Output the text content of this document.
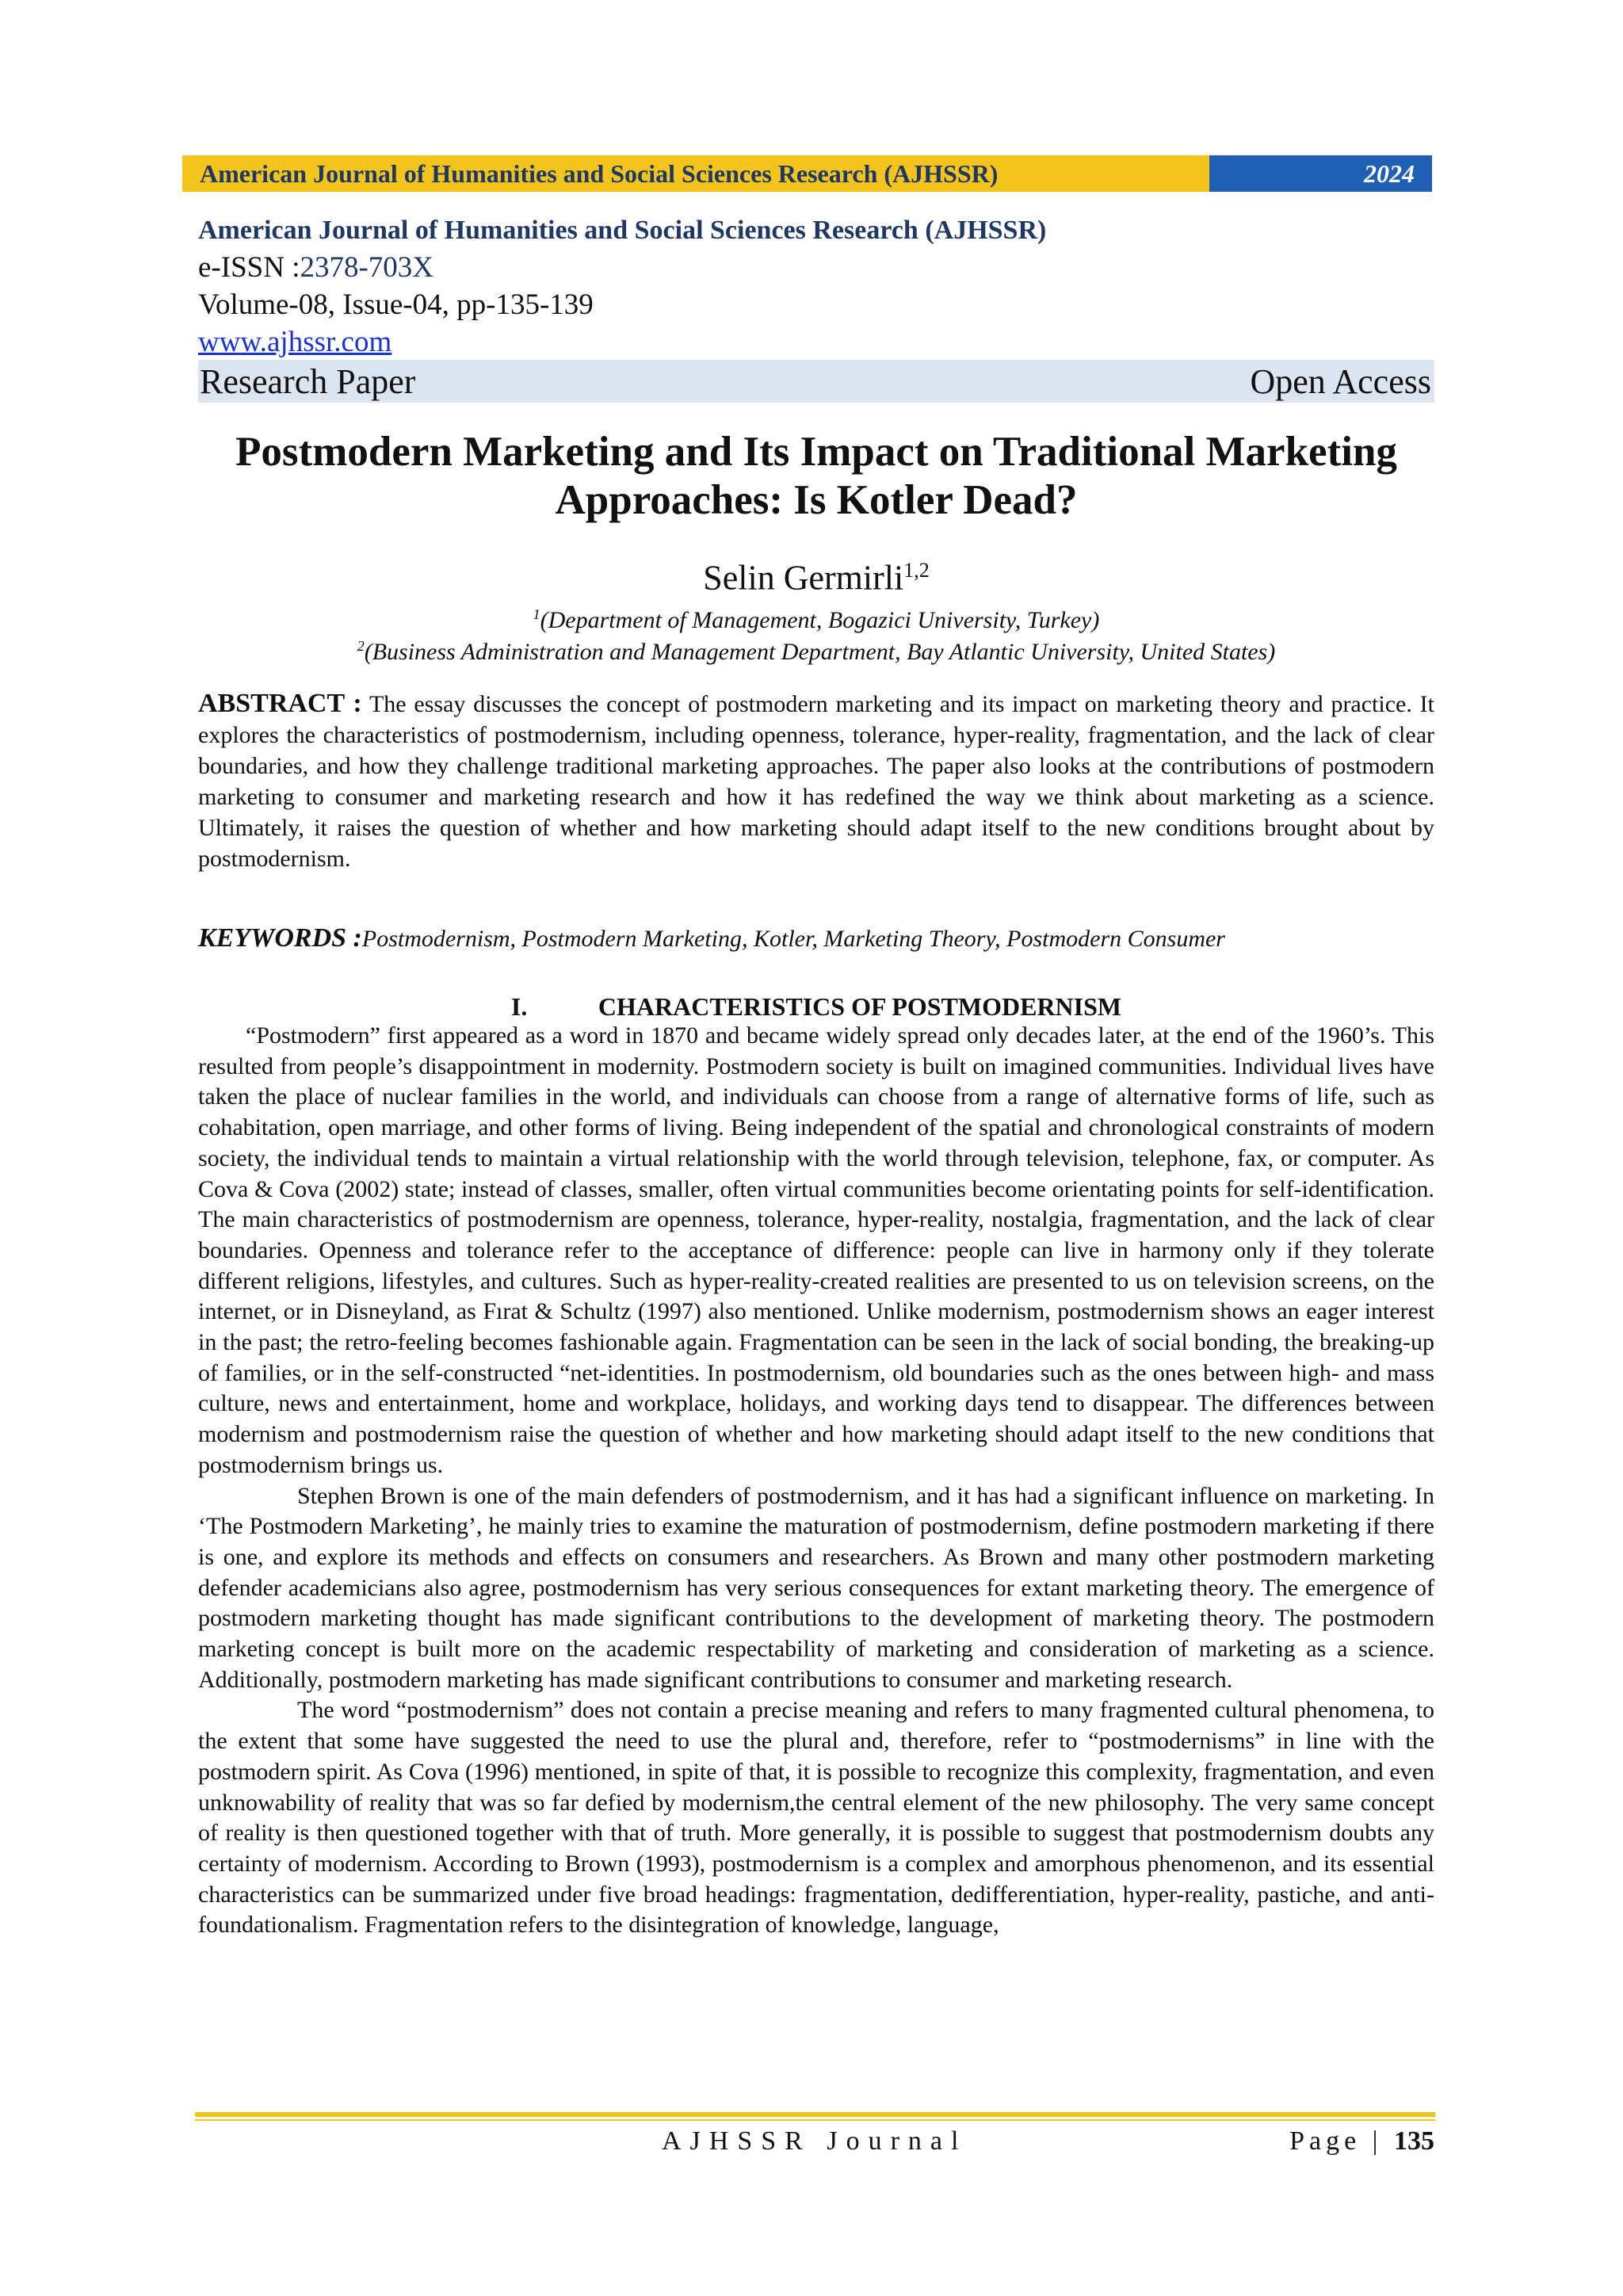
American Journal of Humanities and Social Sciences Research (AJHSSR)	2024
American Journal of Humanities and Social Sciences Research (AJHSSR)
e-ISSN :2378-703X
Volume-08, Issue-04, pp-135-139
www.ajhssr.com
Research Paper	Open Access
Postmodern Marketing and Its Impact on Traditional Marketing Approaches: Is Kotler Dead?
Selin Germirli$^{1,2}$
$^1$(Department of Management, Bogazici University, Turkey)
$^2$(Business Administration and Management Department, Bay Atlantic University, United States)
ABSTRACT : The essay discusses the concept of postmodern marketing and its impact on marketing theory and practice. It explores the characteristics of postmodernism, including openness, tolerance, hyper-reality, fragmentation, and the lack of clear boundaries, and how they challenge traditional marketing approaches. The paper also looks at the contributions of postmodern marketing to consumer and marketing research and how it has redefined the way we think about marketing as a science. Ultimately, it raises the question of whether and how marketing should adapt itself to the new conditions brought about by postmodernism.
KEYWORDS :Postmodernism, Postmodern Marketing, Kotler, Marketing Theory, Postmodern Consumer
I.	CHARACTERISTICS OF POSTMODERNISM

“Postmodern” first appeared as a word in 1870 and became widely spread only decades later, at the end of the 1960’s. This resulted from people’s disappointment in modernity. Postmodern society is built on imagined communities. Individual lives have taken the place of nuclear families in the world, and individuals can choose from a range of alternative forms of life, such as cohabitation, open marriage, and other forms of living. Being independent of the spatial and chronological constraints of modern society, the individual tends to maintain a virtual relationship with the world through television, telephone, fax, or computer. As Cova & Cova (2002) state; instead of classes, smaller, often virtual communities become orientating points for self-identification. The main characteristics of postmodernism are openness, tolerance, hyper-reality, nostalgia, fragmentation, and the lack of clear boundaries. Openness and tolerance refer to the acceptance of difference: people can live in harmony only if they tolerate different religions, lifestyles, and cultures. Such as hyper-reality-created realities are presented to us on television screens, on the internet, or in Disneyland, as Fırat & Schultz (1997) also mentioned. Unlike modernism, postmodernism shows an eager interest in the past; the retro-feeling becomes fashionable again. Fragmentation can be seen in the lack of social bonding, the breaking-up of families, or in the self-constructed “net-identities. In postmodernism, old boundaries such as the ones between high- and mass culture, news and entertainment, home and workplace, holidays, and working days tend to disappear. The differences between modernism and postmodernism raise the question of whether and how marketing should adapt itself to the new conditions that postmodernism brings us.

Stephen Brown is one of the main defenders of postmodernism, and it has had a significant influence on marketing. In ‘The Postmodern Marketing’, he mainly tries to examine the maturation of postmodernism, define postmodern marketing if there is one, and explore its methods and effects on consumers and researchers. As Brown and many other postmodern marketing defender academicians also agree, postmodernism has very serious consequences for extant marketing theory. The emergence of postmodern marketing thought has made significant contributions to the development of marketing theory. The postmodern marketing concept is built more on the academic respectability of marketing and consideration of marketing as a science. Additionally, postmodern marketing has made significant contributions to consumer and marketing research.

The word “postmodernism” does not contain a precise meaning and refers to many fragmented cultural phenomena, to the extent that some have suggested the need to use the plural and, therefore, refer to “postmodernisms” in line with the postmodern spirit. As Cova (1996) mentioned, in spite of that, it is possible to recognize this complexity, fragmentation, and even unknowability of reality that was so far defied by modernism,the central element of the new philosophy. The very same concept of reality is then questioned together with that of truth. More generally, it is possible to suggest that postmodernism doubts any certainty of modernism. According to Brown (1993), postmodernism is a complex and amorphous phenomenon, and its essential characteristics can be summarized under five broad headings: fragmentation, dedifferentiation, hyper-reality, pastiche, and anti-foundationalism. Fragmentation refers to the disintegration of knowledge, language,

AJHSSR Journal	Page | 135
